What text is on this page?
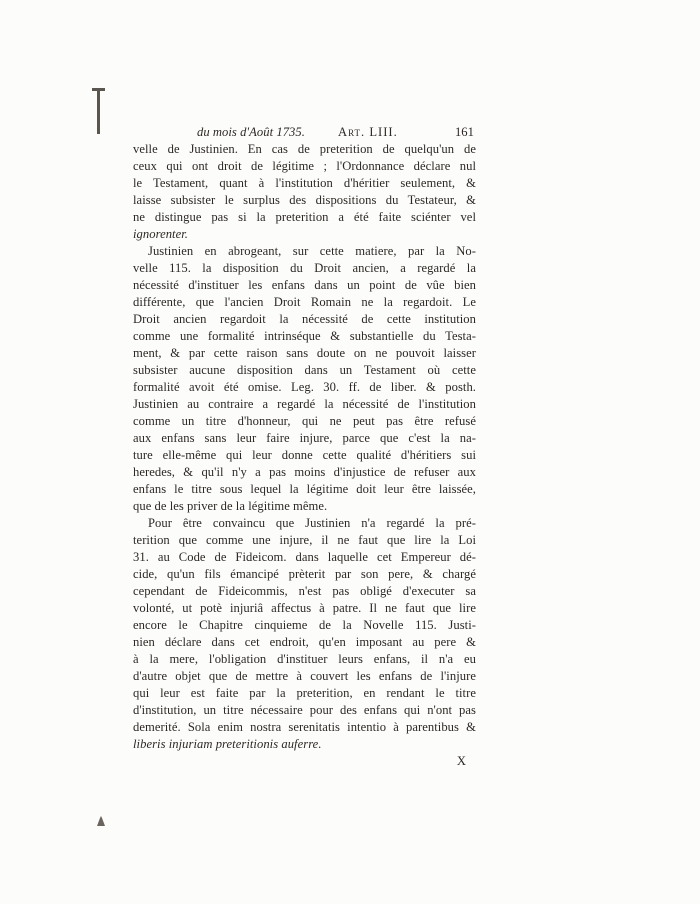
du mois d'Août 1735.	Art. LIII.	161
velle de Justinien. En cas de preterition de quelqu'un de
ceux qui ont droit de légitime ; l'Ordonnance déclare nul
le Testament, quant à l'institution d'héritier seulement, &
laisse subsister le surplus des dispositions du Testateur, &
ne distingue pas si la preterition a été faite sciénter vel
ignorenter.
Justinien en abrogeant, sur cette matiere, par la No-
velle 115. la disposition du Droit ancien, a regardé la
nécessité d'instituer les enfans dans un point de vûe bien
différente, que l'ancien Droit Romain ne la regardoit. Le
Droit ancien regardoit la nécessité de cette institution
comme une formalité intrinséque & substantielle du Testa-
ment, & par cette raison sans doute on ne pouvoit laisser
subsister aucune disposition dans un Testament où cette
formalité avoit été omise. Leg. 30. ff. de liber. & posth.
Justinien au contraire a regardé la nécessité de l'institution
comme un titre d'honneur, qui ne peut pas être refusé
aux enfans sans leur faire injure, parce que c'est la na-
ture elle-même qui leur donne cette qualité d'héritiers sui
heredes, & qu'il n'y a pas moins d'injustice de refuser aux
enfans le titre sous lequel la légitime doit leur être laissée,
que de les priver de la légitime même.
Pour être convaincu que Justinien n'a regardé la pré-
terition que comme une injure, il ne faut que lire la Loi
31. au Code de Fideicom. dans laquelle cet Empereur dé-
cide, qu'un fils émancipé prèterit par son pere, & chargé
cependant de Fideicommis, n'est pas obligé d'executer sa
volonté, ut potè injuriâ affectus à patre. Il ne faut que lire
encore le Chapitre cinquieme de la Novelle 115. Justi-
nien déclare dans cet endroit, qu'en imposant au pere &
à la mere, l'obligation d'instituer leurs enfans, il n'a eu
d'autre objet que de mettre à couvert les enfans de l'injure
qui leur est faite par la preterition, en rendant le titre
d'institution, un titre nécessaire pour des enfans qui n'ont pas
demerité. Sola enim nostra serenitatis intentio à parentibus &
liberis injuriam preteritionis auferre.
X
